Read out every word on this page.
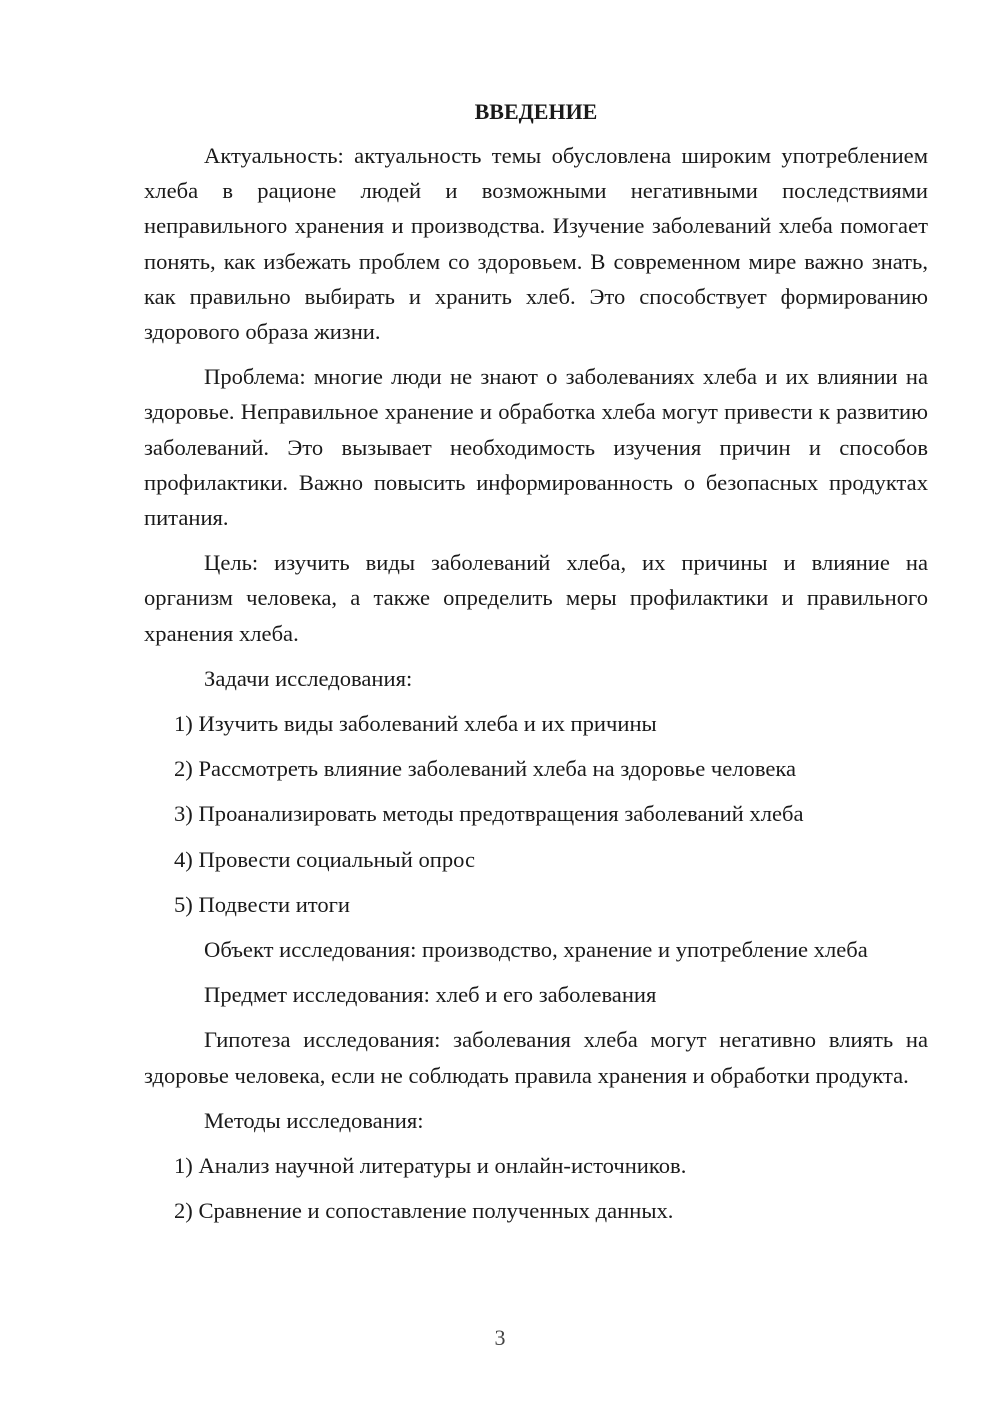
ВВЕДЕНИЕ

Актуальность: актуальность темы обусловлена широким употреблением хлеба в рационе людей и возможными негативными последствиями неправильного хранения и производства. Изучение заболеваний хлеба помогает понять, как избежать проблем со здоровьем. В современном мире важно знать, как правильно выбирать и хранить хлеб. Это способствует формированию здорового образа жизни.

Проблема: многие люди не знают о заболеваниях хлеба и их влиянии на здоровье. Неправильное хранение и обработка хлеба могут привести к развитию заболеваний. Это вызывает необходимость изучения причин и способов профилактики. Важно повысить информированность о безопасных продуктах питания.

Цель: изучить виды заболеваний хлеба, их причины и влияние на организм человека, а также определить меры профилактики и правильного хранения хлеба.

Задачи исследования:

1) Изучить виды заболеваний хлеба и их причины

2) Рассмотреть влияние заболеваний хлеба на здоровье человека

3) Проанализировать методы предотвращения заболеваний хлеба

4) Провести социальный опрос

5) Подвести итоги

Объект исследования: производство, хранение и употребление хлеба

Предмет исследования: хлеб и его заболевания

Гипотеза исследования: заболевания хлеба могут негативно влиять на здоровье человека, если не соблюдать правила хранения и обработки продукта.

Методы исследования:

1) Анализ научной литературы и онлайн-источников.

2) Сравнение и сопоставление полученных данных.

3
